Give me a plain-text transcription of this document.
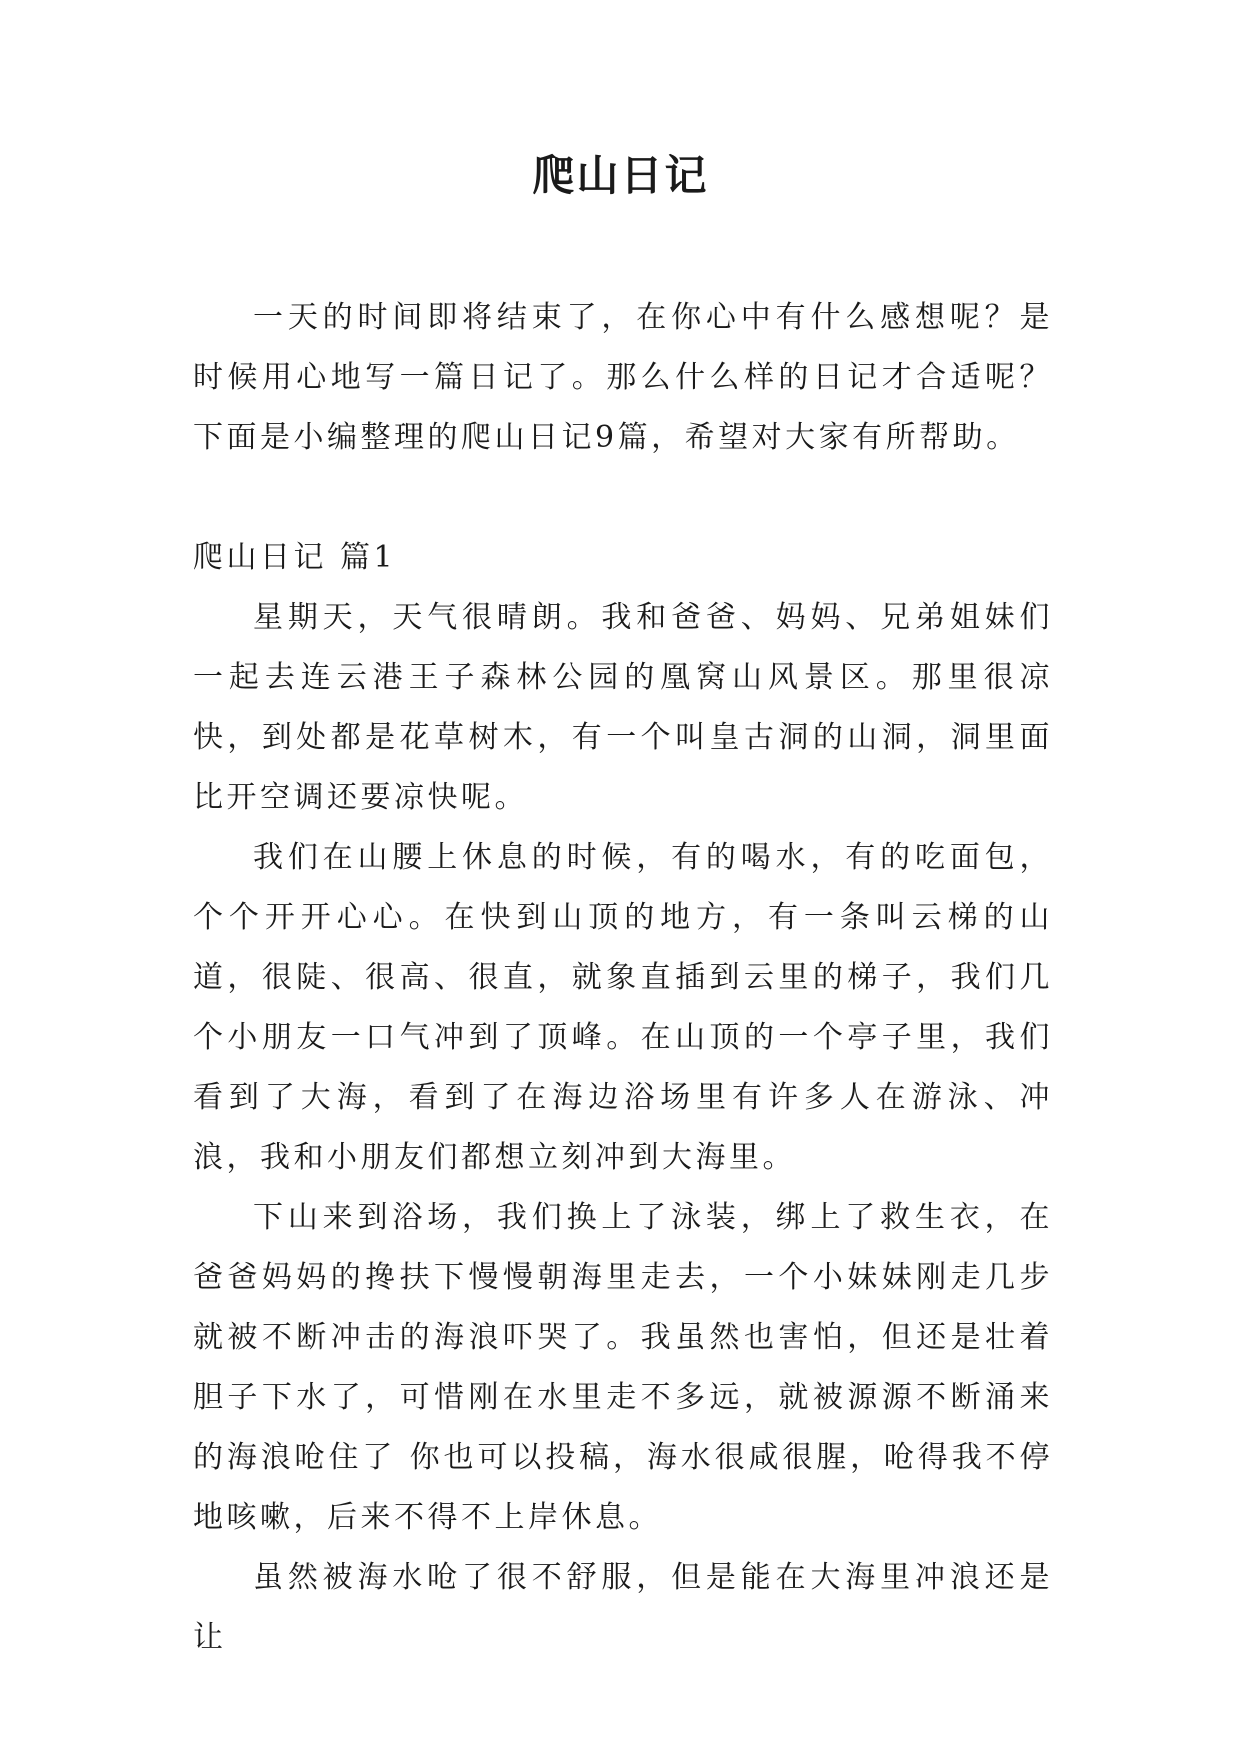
爬山日记

一天的时间即将结束了，在你心中有什么感想呢？是时候用心地写一篇日记了。那么什么样的日记才合适呢？下面是小编整理的爬山日记9篇，希望对大家有所帮助。

爬山日记 篇1

星期天，天气很晴朗。我和爸爸、妈妈、兄弟姐妹们一起去连云港王子森林公园的凰窝山风景区。那里很凉快，到处都是花草树木，有一个叫皇古洞的山洞，洞里面比开空调还要凉快呢。

我们在山腰上休息的时候，有的喝水，有的吃面包，个个开开心心。在快到山顶的地方，有一条叫云梯的山道，很陡、很高、很直，就象直插到云里的梯子，我们几个小朋友一口气冲到了顶峰。在山顶的一个亭子里，我们看到了大海，看到了在海边浴场里有许多人在游泳、冲浪，我和小朋友们都想立刻冲到大海里。

下山来到浴场，我们换上了泳装，绑上了救生衣，在爸爸妈妈的搀扶下慢慢朝海里走去，一个小妹妹刚走几步就被不断冲击的海浪吓哭了。我虽然也害怕，但还是壮着胆子下水了，可惜刚在水里走不多远，就被源源不断涌来的海浪呛住了 你也可以投稿，海水很咸很腥，呛得我不停地咳嗽，后来不得不上岸休息。

虽然被海水呛了很不舒服，但是能在大海里冲浪还是让
